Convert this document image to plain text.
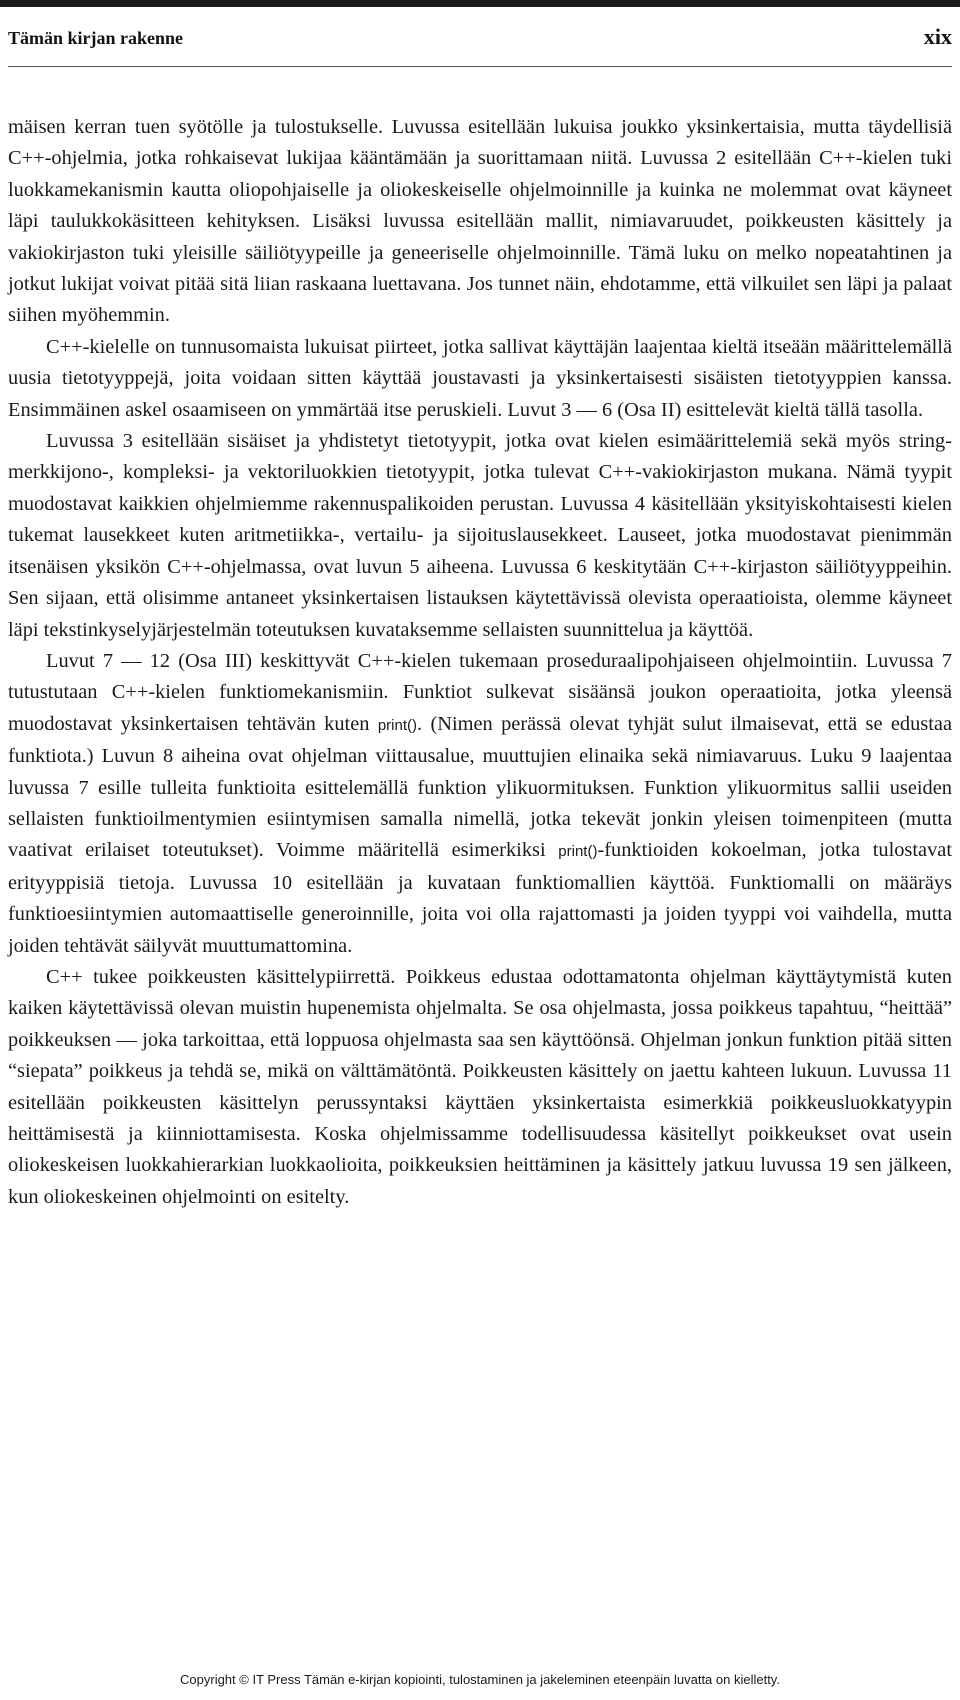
Tämän kirjan rakenne	xix

mäisen kerran tuen syötölle ja tulostukselle. Luvussa esitellään lukuisa joukko yksinkertaisia, mutta täydellisiä C++-ohjelmia, jotka rohkaisevat lukijaa kääntämään ja suorittamaan niitä. Luvussa 2 esitellään C++-kielen tuki luokkamekanismin kautta oliopohjaiselle ja oliokeskeiselle ohjelmoinnille ja kuinka ne molemmat ovat käyneet läpi taulukkokäsitteen kehityksen. Lisäksi luvussa esitellään mallit, nimiavaruudet, poikkeusten käsittely ja vakiokirjaston tuki yleisille säiliötyypeille ja geneeriselle ohjelmoinnille. Tämä luku on melko nopeatahtinen ja jotkut lukijat voivat pitää sitä liian raskaana luettavana. Jos tunnet näin, ehdotamme, että vilkuilet sen läpi ja palaat siihen myöhemmin.

C++-kielelle on tunnusomaista lukuisat piirteet, jotka sallivat käyttäjän laajentaa kieltä itseään määrittelemällä uusia tietotyyppejä, joita voidaan sitten käyttää joustavasti ja yksinkertaisesti sisäisten tietotyyppien kanssa. Ensimmäinen askel osaamiseen on ymmärtää itse peruskieli. Luvut 3 — 6 (Osa II) esittelevät kieltä tällä tasolla.

Luvussa 3 esitellään sisäiset ja yhdistetyt tietotyypit, jotka ovat kielen esimäärittelemiä sekä myös string-merkkijono-, kompleksi- ja vektoriluokkien tietotyypit, jotka tulevat C++-vakiokirjaston mukana. Nämä tyypit muodostavat kaikkien ohjelmiemme rakennuspalikoiden perustan. Luvussa 4 käsitellään yksityiskohtaisesti kielen tukemat lausekkeet kuten aritmetiikka-, vertailu- ja sijoituslausekkeet. Lauseet, jotka muodostavat pienimmän itsenäisen yksikön C++-ohjelmassa, ovat luvun 5 aiheena. Luvussa 6 keskitytään C++-kirjaston säiliötyyppeihin. Sen sijaan, että olisimme antaneet yksinkertaisen listauksen käytettävissä olevista operaatioista, olemme käyneet läpi tekstinkyselyjärjestelmän toteutuksen kuvataksemme sellaisten suunnittelua ja käyttöä.

Luvut 7 — 12 (Osa III) keskittyvät C++-kielen tukemaan proseduraalipohjaiseen ohjelmointiin. Luvussa 7 tutustutaan C++-kielen funktiomekanismiin. Funktiot sulkevat sisäänsä joukon operaatioita, jotka yleensä muodostavat yksinkertaisen tehtävän kuten print(). (Nimen perässä olevat tyhjät sulut ilmaisevat, että se edustaa funktiota.) Luvun 8 aiheina ovat ohjelman viittausalue, muuttujien elinaika sekä nimiavaruus. Luku 9 laajentaa luvussa 7 esille tulleita funktioita esittelemällä funktion ylikuormituksen. Funktion ylikuormitus sallii useiden sellaisten funktioilmentymien esiintymisen samalla nimellä, jotka tekevät jonkin yleisen toimenpiteen (mutta vaativat erilaiset toteutukset). Voimme määritellä esimerkiksi print()-funktioiden kokoelman, jotka tulostavat erityyppisiä tietoja. Luvussa 10 esitellään ja kuvataan funktiomallien käyttöä. Funktiomalli on määräys funktioesiintymien automaattiselle generoinnille, joita voi olla rajattomasti ja joiden tyyppi voi vaihdella, mutta joiden tehtävät säilyvät muuttumattomina.

C++ tukee poikkeusten käsittelypiirrettä. Poikkeus edustaa odottamatonta ohjelman käyttäytymistä kuten kaiken käytettävissä olevan muistin hupenemista ohjelmalta. Se osa ohjelmasta, jossa poikkeus tapahtuu, “heittää” poikkeuksen — joka tarkoittaa, että loppuosa ohjelmasta saa sen käyttöönsä. Ohjelman jonkun funktion pitää sitten “siepata” poikkeus ja tehdä se, mikä on välttämätöntä. Poikkeusten käsittely on jaettu kahteen lukuun. Luvussa 11 esitellään poikkeusten käsittelyn perussyntaksi käyttäen yksinkertaista esimerkkiä poikkeusluokkatyypin heittämisestä ja kiinniottamisesta. Koska ohjelmissamme todellisuudessa käsitellyt poikkeukset ovat usein oliokeskeisen luokkahierarkian luokkaolioita, poikkeuksien heittäminen ja käsittely jatkuu luvussa 19 sen jälkeen, kun oliokeskeinen ohjelmointi on esitelty.

Copyright © IT Press Tämän e-kirjan kopiointi, tulostaminen ja jakeleminen eteenpäin luvatta on kielletty.
